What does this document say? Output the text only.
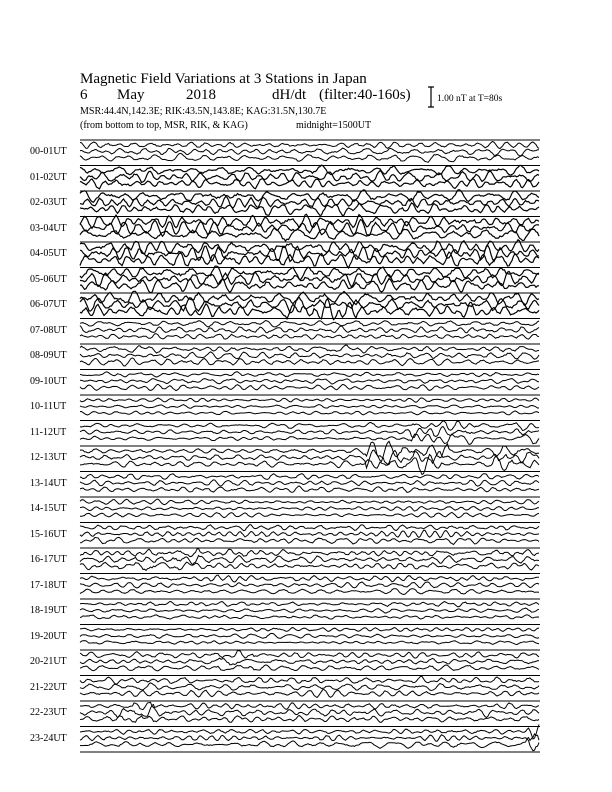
Magnetic Field Variations at 3 Stations in Japan
6 May	2018	dH/dt (filter:40-160s)
MSR:44.4N,142.3E; RIK:43.5N,143.8E; KAG:31.5N,130.7E
(from bottom to top, MSR, RIK, & KAG)	midnight=1500UT
1.00 nT at T=80s
00-01UT
01-02UT
02-03UT
03-04UT
04-05UT
05-06UT
06-07UT
07-08UT
08-09UT
09-10UT
10-11UT
11-12UT
12-13UT
13-14UT
14-15UT
15-16UT
16-17UT
17-18UT
18-19UT
19-20UT
20-21UT
21-22UT
22-23UT
23-24UT
